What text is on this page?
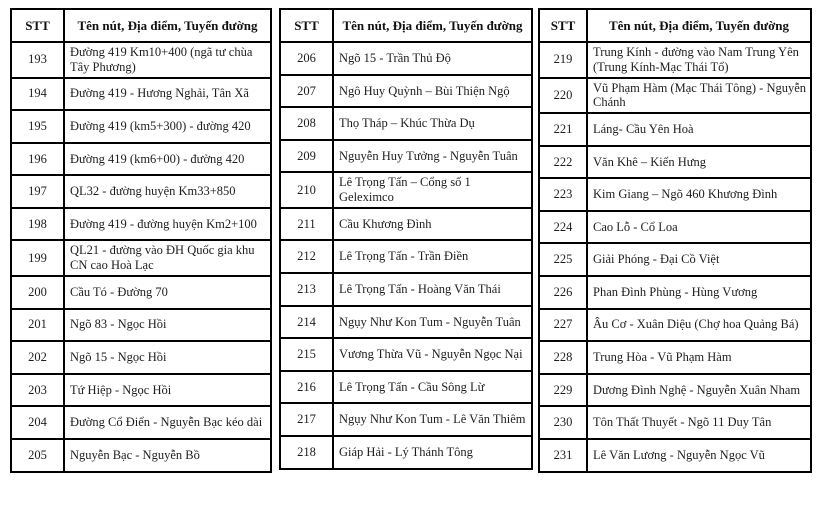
STT	Tên nút, Địa điểm, Tuyến đường
193	Đường 419 Km10+400 (ngã tư chùa Tây Phương)
194	Đường 419 - Hương Nghải, Tân Xã
195	Đường 419 (km5+300) - đường 420
196	Đường 419 (km6+00) - đường 420
197	QL32 - đường huyện Km33+850
198	Đường 419 - đường huyện Km2+100
199	QL21 - đường vào ĐH Quốc gia khu CN cao Hoà Lạc
200	Cầu Tó - Đường 70
201	Ngõ 83 - Ngọc Hồi
202	Ngõ 15 - Ngọc Hồi
203	Tứ Hiệp - Ngọc Hồi
204	Đường Cổ Điển - Nguyễn Bạc kéo dài
205	Nguyễn Bạc - Nguyễn Bồ
STT	Tên nút, Địa điểm, Tuyến đường
206	Ngõ 15 - Trần Thủ Độ
207	Ngô Huy Quỳnh – Bùi Thiện Ngộ
208	Thọ Tháp – Khúc Thừa Dụ
209	Nguyễn Huy Tưởng - Nguyễn Tuân
210	Lê Trọng Tấn – Cổng số 1 Geleximco
211	Cầu Khương Đình
212	Lê Trọng Tấn - Trần Điền
213	Lê Trọng Tấn - Hoàng Văn Thái
214	Ngụy Như Kon Tum - Nguyễn Tuân
215	Vương Thừa Vũ - Nguyễn Ngọc Nại
216	Lê Trọng Tấn - Cầu Sông Lừ
217	Ngụy Như Kon Tum - Lê Văn Thiêm
218	Giáp Hải - Lý Thánh Tông
STT	Tên nút, Địa điểm, Tuyến đường
219	Trung Kính - đường vào Nam Trung Yên (Trung Kính-Mạc Thái Tổ)
220	Vũ Phạm Hàm (Mạc Thái Tông) - Nguyễn Chánh
221	Láng- Cầu Yên Hoà
222	Văn Khê – Kiến Hưng
223	Kim Giang – Ngõ 460 Khương Đình
224	Cao Lỗ - Cổ Loa
225	Giải Phóng - Đại Cồ Việt
226	Phan Đình Phùng - Hùng Vương
227	Âu Cơ - Xuân Diệu (Chợ hoa Quảng Bá)
228	Trung Hòa - Vũ Phạm Hàm
229	Dương Đình Nghệ - Nguyễn Xuân Nham
230	Tôn Thất Thuyết - Ngõ 11 Duy Tân
231	Lê Văn Lương - Nguyễn Ngọc Vũ
